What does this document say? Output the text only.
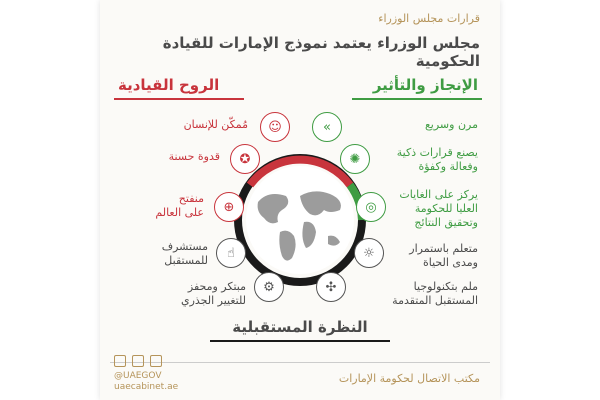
قرارات مجلس الوزراء
مجلس الوزراء يعتمد نموذج الإمارات للقيادة الحكومية
الإنجاز والتأثير
الروح القيادية
»
✺
◎
☼
✣
☺
✪
⊕
☝
⚙
مرن وسريع
يصنع قرارات ذكية
وفعالة وكفؤة
يركز على الغايات
العليا للحكومة
وتحقيق النتائج
متعلم باستمرار
ومدى الحياة
ملم بتكنولوجيا
المستقبل المتقدمة
مُمكّن للإنسان
قدوة حسنة
منفتح
على العالم
مستشرف
للمستقبل
مبتكر ومحفز
للتغيير الجذري
النظرة المستقبلية
مكتب الاتصال لحكومة الإمارات

@UAEGOV
uaecabinet.ae
